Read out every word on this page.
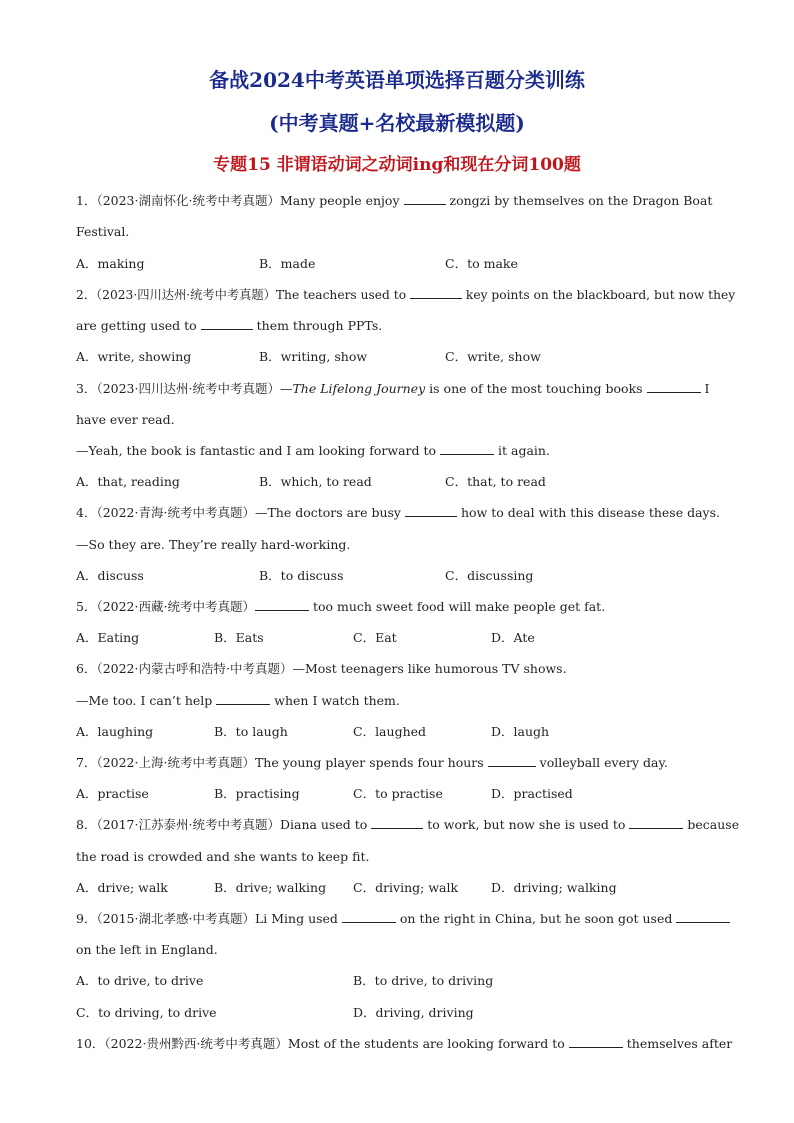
备战2024中考英语单项选择百题分类训练
(中考真题+名校最新模拟题)
专题15 非谓语动词之动词ing和现在分词100题
1．（2023·湖南怀化·统考中考真题）Many people enjoy	zongzi by themselves on the Dragon Boat
Festival.
A．making	B．made	C．to make
2．（2023·四川达州·统考中考真题）The teachers used to	key points on the blackboard, but now they
are getting used to	them through PPTs.
A．write, showing	B．writing, show	C．write, show
3．（2023·四川达州·统考中考真题）—The Lifelong Journey is one of the most touching books	I
have ever read.
—Yeah, the book is fantastic and I am looking forward to	it again.
A．that, reading	B．which, to read	C．that, to read
4．（2022·青海·统考中考真题）—The doctors are busy	how to deal with this disease these days.
—So they are. They’re really hard-working.
A．discuss	B．to discuss	C．discussing
5．（2022·西藏·统考中考真题）	too much sweet food will make people get fat.
A．Eating	B．Eats	C．Eat	D．Ate
6．（2022·内蒙古呼和浩特·中考真题）—Most teenagers like humorous TV shows.
—Me too. I can’t help	when I watch them.
A．laughing	B．to laugh	C．laughed	D．laugh
7．（2022·上海·统考中考真题）The young player spends four hours	volleyball every day.
A．practise	B．practising	C．to practise	D．practised
8．（2017·江苏泰州·统考中考真题）Diana used to	to work, but now she is used to	because
the road is crowded and she wants to keep fit.
A．drive; walk	B．drive; walking C．driving; walk	D．driving; walking
9．（2015·湖北孝感·中考真题）Li Ming used	on the right in China, but he soon got used
on the left in England.
A．to drive, to drive	B．to drive, to driving
C．to driving, to drive	D．driving, driving
10．（2022·贵州黔西·统考中考真题）Most of the students are looking forward to	themselves after
